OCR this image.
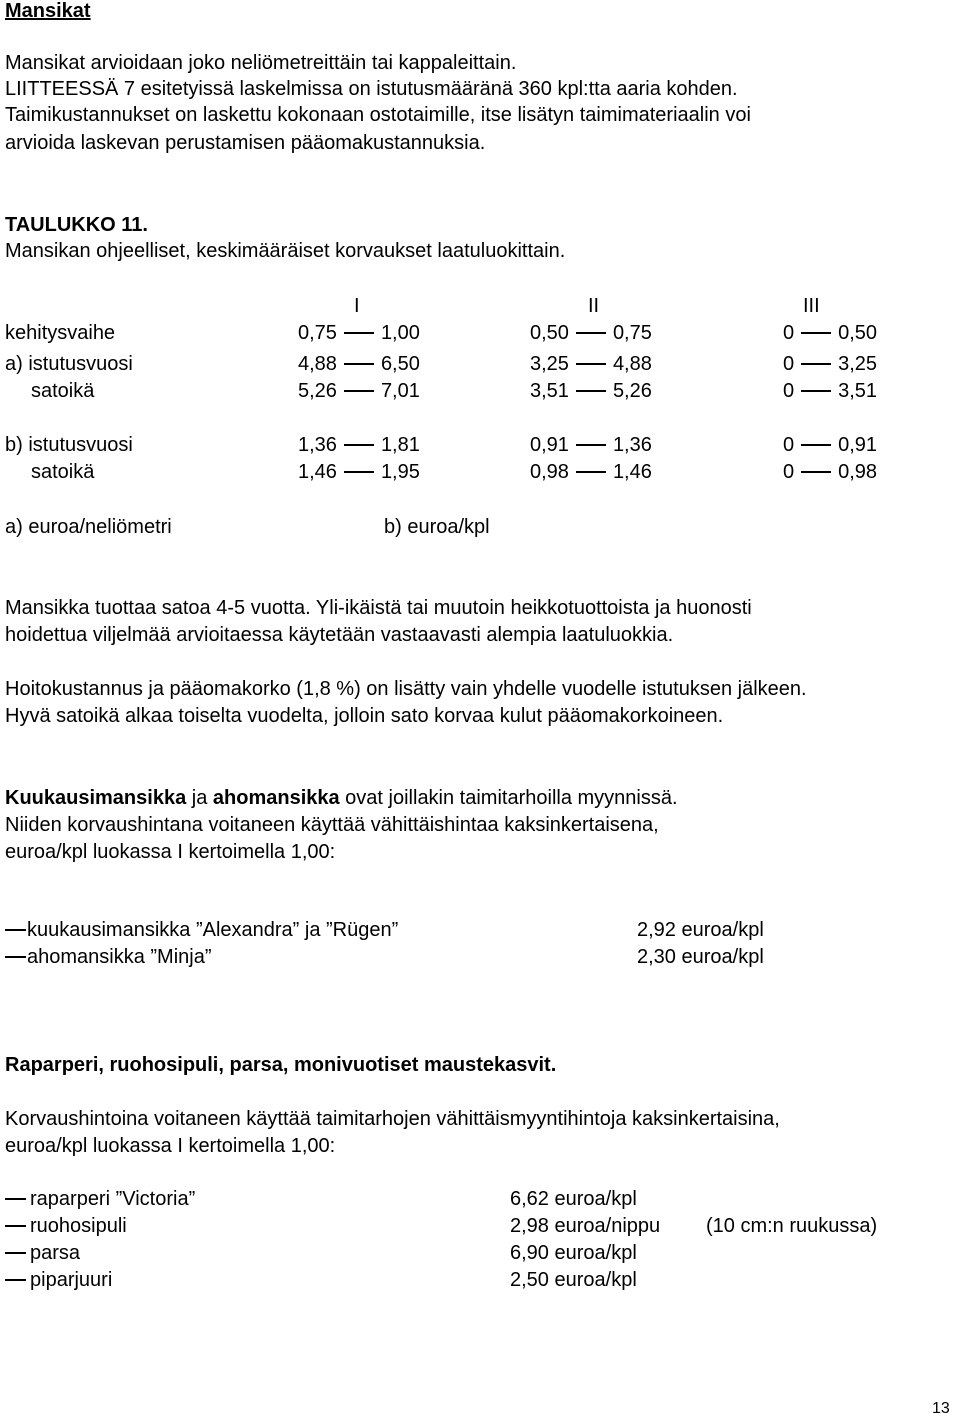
Mansikat
Mansikat arvioidaan joko neliömetreittäin tai kappaleittain.
LIITTEESSÄ 7 esitetyissä laskelmissa on istutusmääränä 360 kpl:tta aaria kohden.
Taimikustannukset on laskettu kokonaan ostotaimille, itse lisätyn taimimateriaalin voi
arvioida laskevan perustamisen pääomakustannuksia.
TAULUKKO 11.
Mansikan ohjeelliset, keskimääräiset korvaukset laatuluokittain.
I	II	III
kehitysvaihe	0,75 1,00	0,50 0,75	0 0,50
a) istutusvuosi	4,88 6,50	3,25 4,88	0 3,25
satoikä	5,26 7,01	3,51 5,26	0 3,51
b) istutusvuosi	1,36 1,81	0,91 1,36	0 0,91
satoikä	1,46 1,95	0,98 1,46	0 0,98
a) euroa/neliömetri	b) euroa/kpl
Mansikka tuottaa satoa 4-5 vuotta. Yli-ikäistä tai muutoin heikkotuottoista ja huonosti
hoidettua viljelmää arvioitaessa käytetään vastaavasti alempia laatuluokkia.
Hoitokustannus ja pääomakorko (1,8 %) on lisätty vain yhdelle vuodelle istutuksen jälkeen.
Hyvä satoikä alkaa toiselta vuodelta, jolloin sato korvaa kulut pääomakorkoineen.
Kuukausimansikka ja ahomansikka ovat joillakin taimitarhoilla myynnissä.
Niiden korvaushintana voitaneen käyttää vähittäishintaa kaksinkertaisena,
euroa/kpl luokassa I kertoimella 1,00:
kuukausimansikka ”Alexandra” ja ”Rügen”	2,92 euroa/kpl
ahomansikka ”Minja”	2,30 euroa/kpl
Raparperi, ruohosipuli, parsa, monivuotiset maustekasvit.
Korvaushintoina voitaneen käyttää taimitarhojen vähittäismyyntihintoja kaksinkertaisina,
euroa/kpl luokassa I kertoimella 1,00:
raparperi ”Victoria”	6,62 euroa/kpl
ruohosipuli	2,98 euroa/nippu (10 cm:n ruukussa)
parsa	6,90 euroa/kpl
piparjuuri	2,50 euroa/kpl
13
